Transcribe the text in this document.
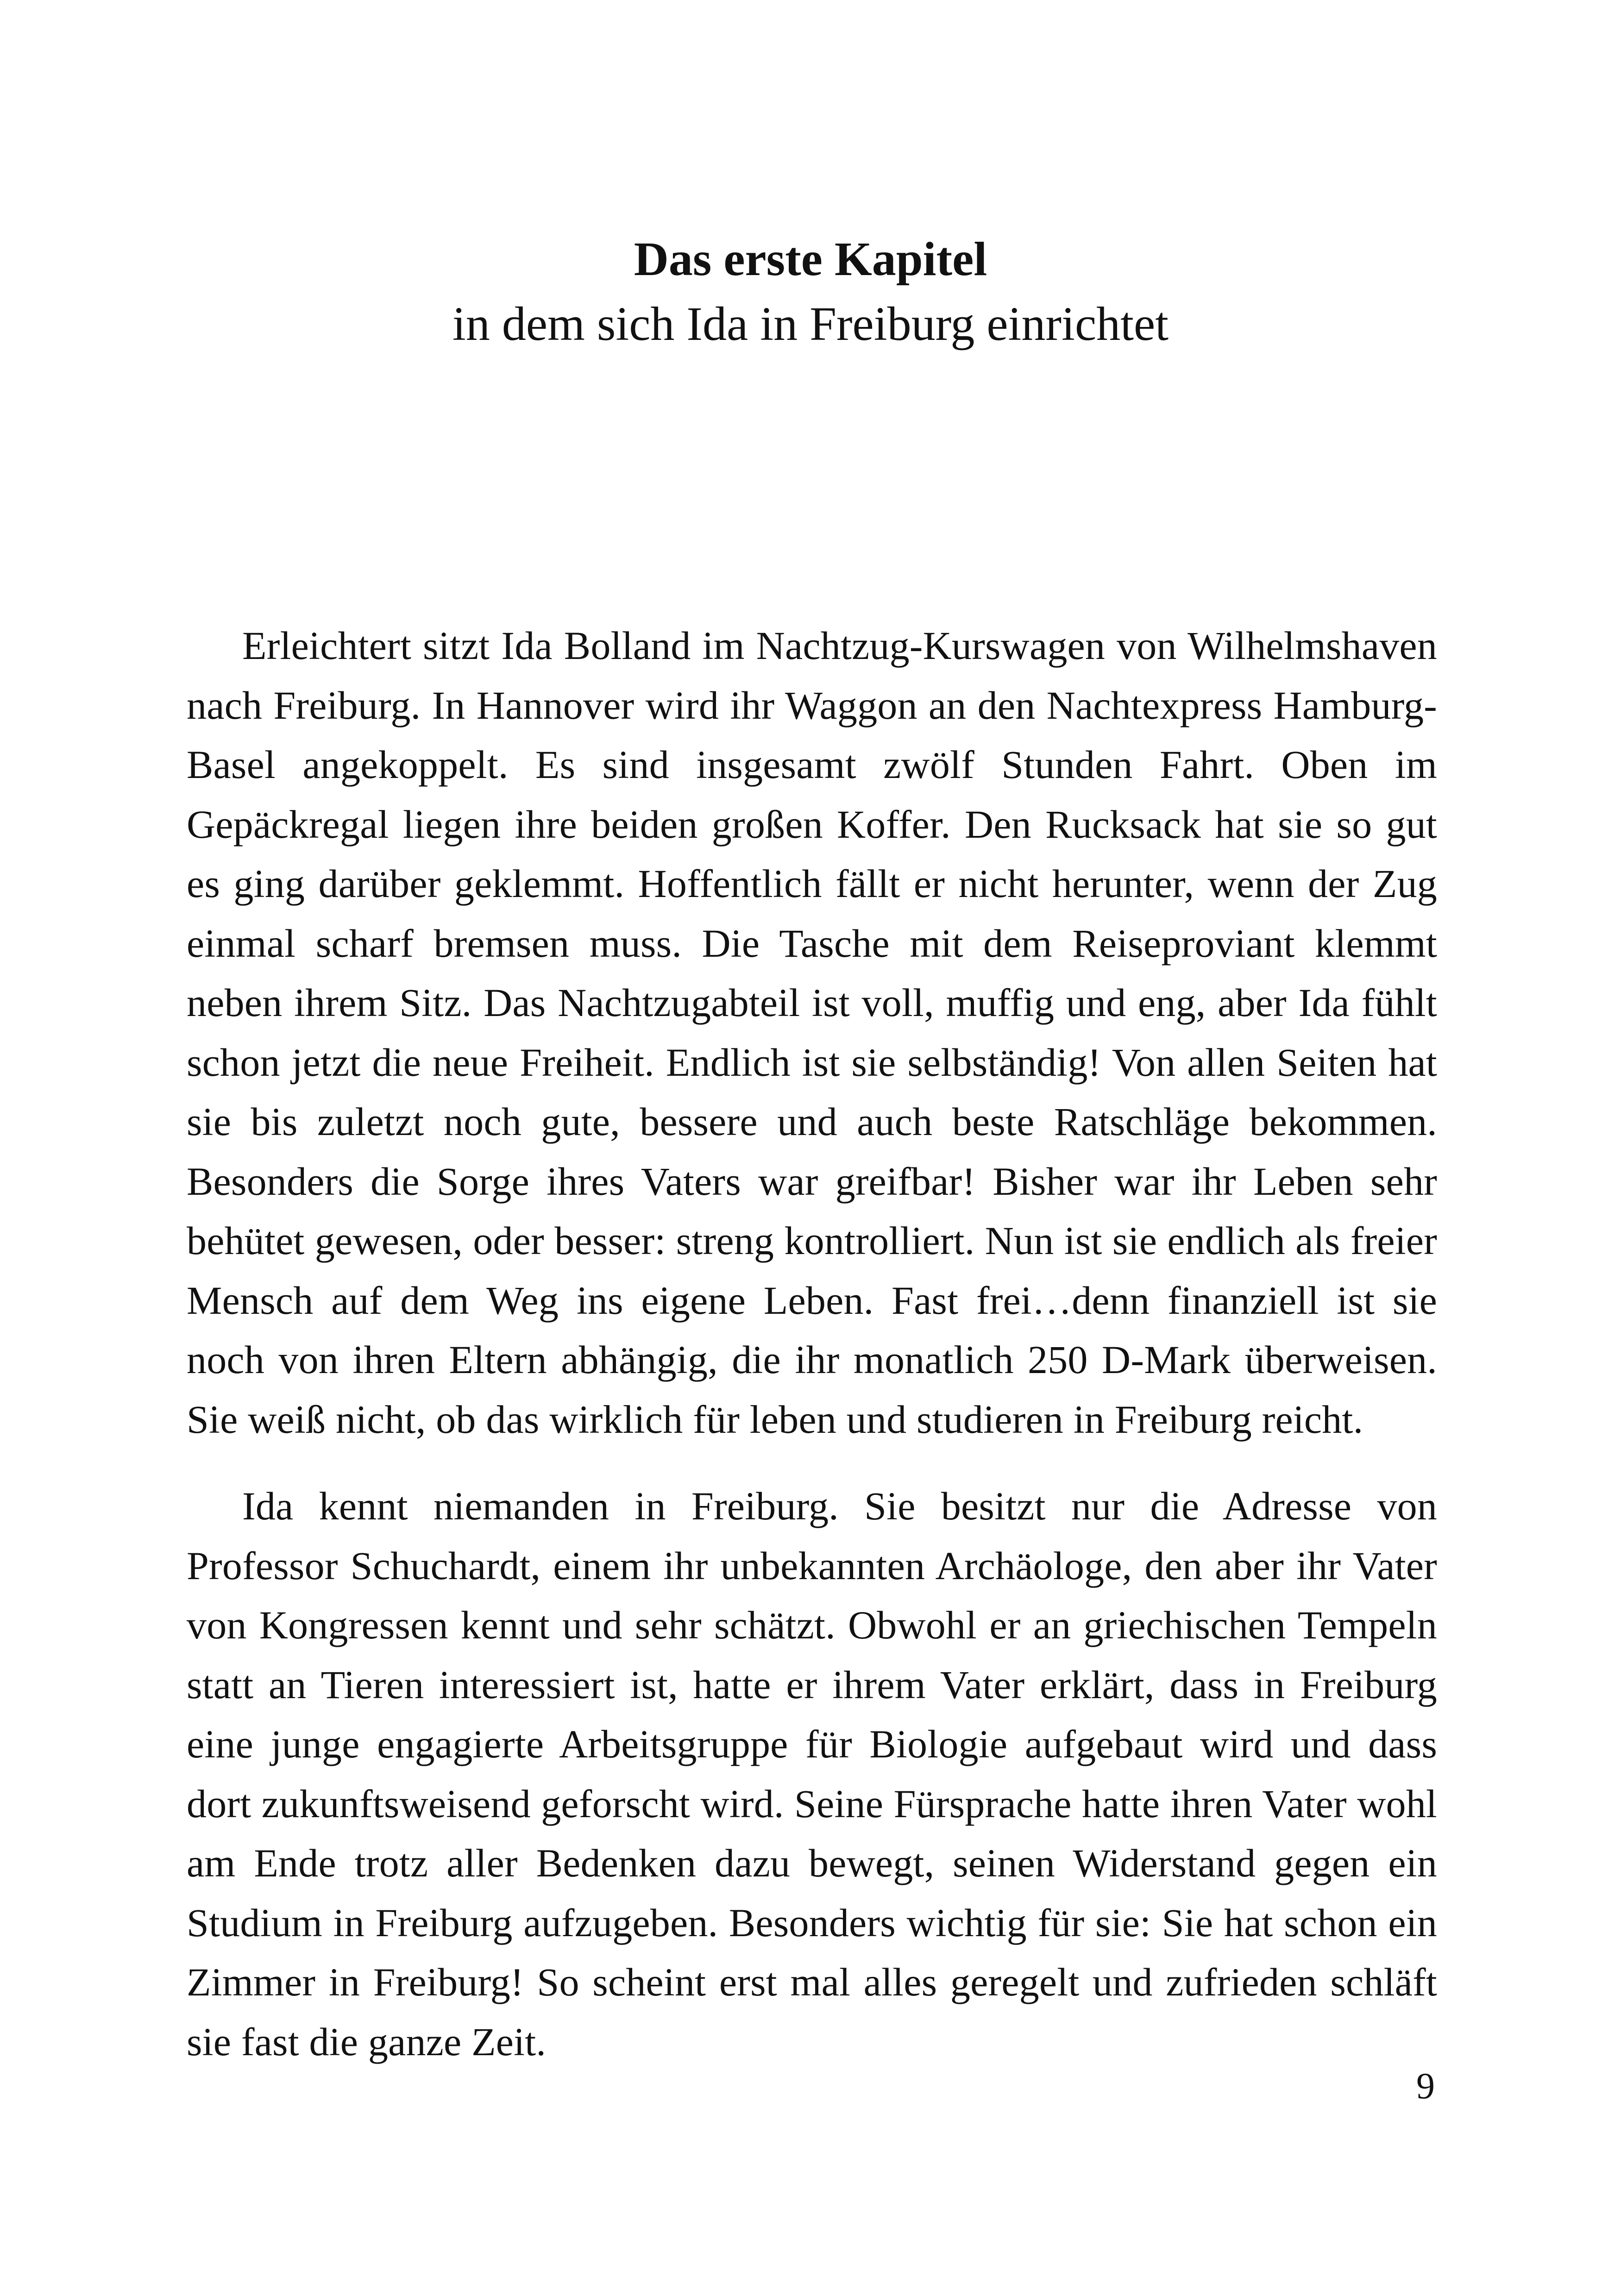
Das erste Kapitel
in dem sich Ida in Freiburg einrichtet

Erleichtert sitzt Ida Bolland im Nachtzug-Kurswagen von Wilhelmshaven nach Freiburg. In Hannover wird ihr Waggon an den Nachtexpress Hamburg-Basel angekoppelt. Es sind insgesamt zwölf Stunden Fahrt. Oben im Gepäckregal liegen ihre beiden großen Koffer. Den Rucksack hat sie so gut es ging darüber geklemmt. Hoffentlich fällt er nicht herunter, wenn der Zug einmal scharf bremsen muss. Die Tasche mit dem Reiseproviant klemmt neben ihrem Sitz. Das Nachtzugabteil ist voll, muffig und eng, aber Ida fühlt schon jetzt die neue Freiheit. Endlich ist sie selbständig! Von allen Seiten hat sie bis zuletzt noch gute, bessere und auch beste Ratschläge bekommen. Besonders die Sorge ihres Vaters war greifbar! Bisher war ihr Leben sehr behütet gewesen, oder besser: streng kontrolliert. Nun ist sie endlich als freier Mensch auf dem Weg ins eigene Leben. Fast frei…denn finanziell ist sie noch von ihren Eltern abhängig, die ihr monatlich 250 D-Mark überweisen. Sie weiß nicht, ob das wirklich für leben und studieren in Freiburg reicht.

Ida kennt niemanden in Freiburg. Sie besitzt nur die Adresse von Professor Schuchardt, einem ihr unbekannten Archäologe, den aber ihr Vater von Kongressen kennt und sehr schätzt. Obwohl er an griechischen Tempeln statt an Tieren interessiert ist, hatte er ihrem Vater erklärt, dass in Freiburg eine junge engagierte Arbeitsgruppe für Biologie aufgebaut wird und dass dort zukunftsweisend geforscht wird. Seine Fürsprache hatte ihren Vater wohl am Ende trotz aller Bedenken dazu bewegt, seinen Widerstand gegen ein Studium in Freiburg aufzugeben. Besonders wichtig für sie: Sie hat schon ein Zimmer in Freiburg! So scheint erst mal alles geregelt und zufrieden schläft sie fast die ganze Zeit.

9
